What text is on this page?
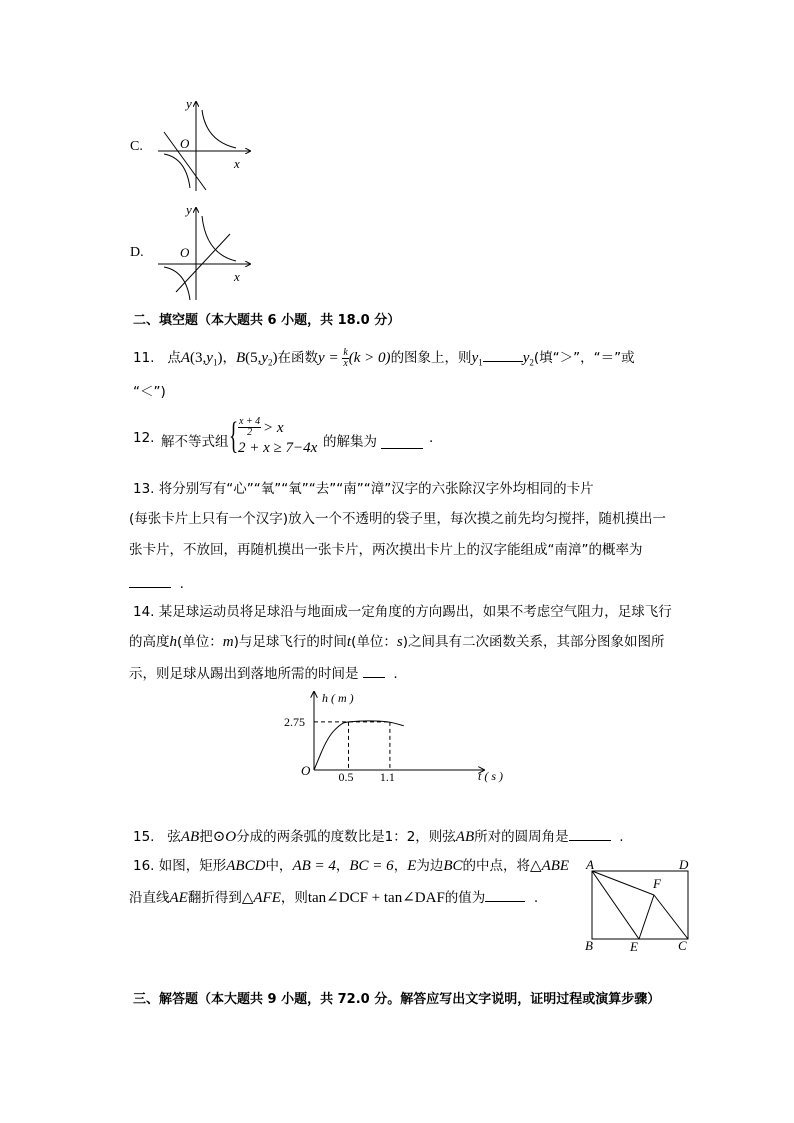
C.
y
x
O
D.
y
x
O
二、填空题（本大题共 6 小题，共 18.0 分）
11. 点$A(3,y_1)$，$B(5,y_2)$在函数$y = \frac{k}{x} (k > 0)$的图象上，则$y_1$	$y_2$(填“＞”，“＝”或
“＜”)
12. 解不等式组 { $\frac{x + 4}{2} > x$
2 + x ≥ 7−4x 的解集为	.
13. 将分别写有“心”“氧”“氧”“去”“南”“漳”汉字的六张除汉字外均相同的卡片
(每张卡片上只有一个汉字)放入一个不透明的袋子里，每次摸之前先均匀搅拌，随机摸出一
张卡片，不放回，再随机摸出一张卡片，两次摸出卡片上的汉字能组成“南漳”的概率为
.
14. 某足球运动员将足球沿与地面成一定角度的方向踢出，如果不考虑空气阻力，足球飞行
的高度h(单位：m)与足球飞行的时间t(单位：s)之间具有二次函数关系，其部分图象如图所
示，则足球从踢出到落地所需的时间是	.
0.5 1.1
2.75
h ( m )
t ( s )
O
15. 弦AB把⊙O分成的两条弧的度数比是1：2，则弦AB所对的圆周角是	.
16. 如图，矩形ABCD中，AB = 4，BC = 6，E为边BC的中点，将△ABE
沿直线AE翻折得到△AFE，则tan∠DCF + tan∠DAF的值为	.
A	D
F
B	E	C
三、解答题（本大题共 9 小题，共 72.0 分。解答应写出文字说明，证明过程或演算步骤）
